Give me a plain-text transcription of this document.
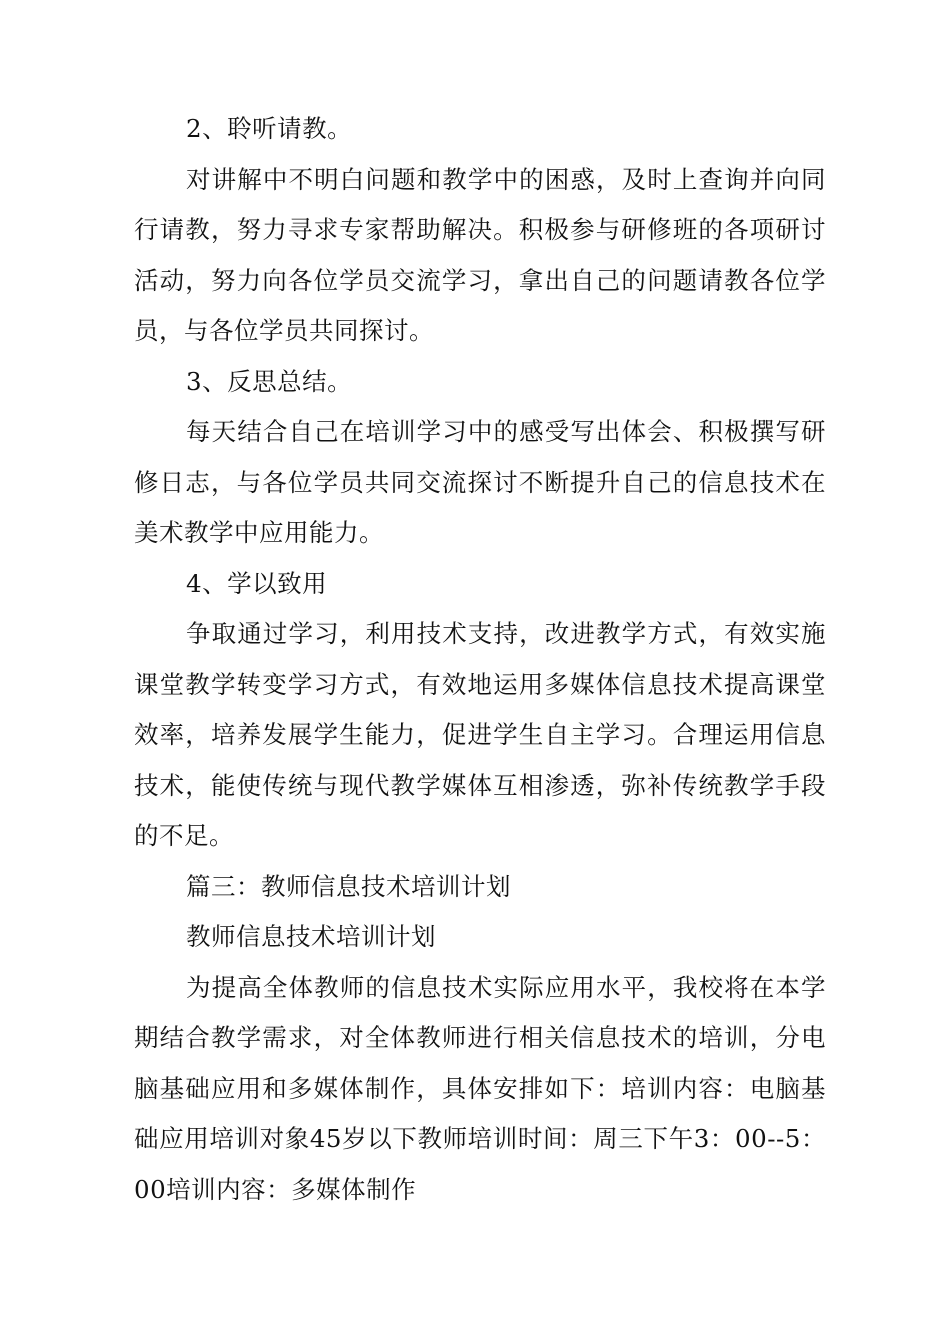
2、聆听请教。

对讲解中不明白问题和教学中的困惑，及时上查询并向同行请教，努力寻求专家帮助解决。积极参与研修班的各项研讨活动，努力向各位学员交流学习，拿出自己的问题请教各位学员，与各位学员共同探讨。

3、反思总结。

每天结合自己在培训学习中的感受写出体会、积极撰写研修日志，与各位学员共同交流探讨不断提升自己的信息技术在美术教学中应用能力。

4、学以致用

争取通过学习，利用技术支持，改进教学方式，有效实施课堂教学转变学习方式，有效地运用多媒体信息技术提高课堂效率，培养发展学生能力，促进学生自主学习。合理运用信息技术，能使传统与现代教学媒体互相渗透，弥补传统教学手段的不足。

篇三：教师信息技术培训计划

教师信息技术培训计划

为提高全体教师的信息技术实际应用水平，我校将在本学期结合教学需求，对全体教师进行相关信息技术的培训，分电脑基础应用和多媒体制作，具体安排如下：培训内容：电脑基础应用培训对象45岁以下教师培训时间：周三下午3：00--5：00培训内容：多媒体制作
